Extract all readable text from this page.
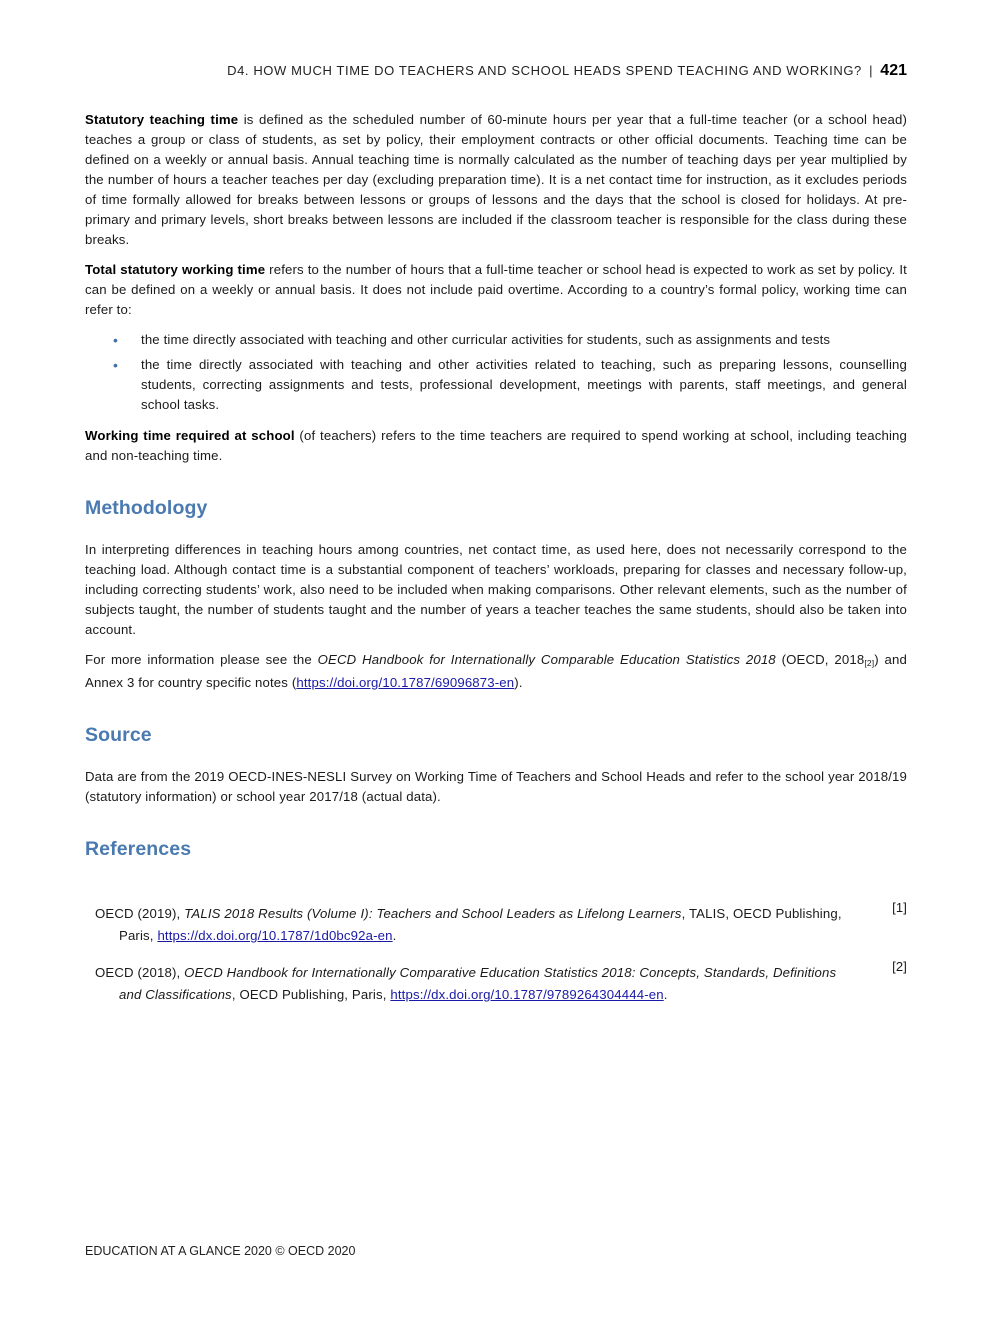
D4. HOW MUCH TIME DO TEACHERS AND SCHOOL HEADS SPEND TEACHING AND WORKING? | 421

Statutory teaching time is defined as the scheduled number of 60-minute hours per year that a full-time teacher (or a school head) teaches a group or class of students, as set by policy, their employment contracts or other official documents. Teaching time can be defined on a weekly or annual basis. Annual teaching time is normally calculated as the number of teaching days per year multiplied by the number of hours a teacher teaches per day (excluding preparation time). It is a net contact time for instruction, as it excludes periods of time formally allowed for breaks between lessons or groups of lessons and the days that the school is closed for holidays. At pre-primary and primary levels, short breaks between lessons are included if the classroom teacher is responsible for the class during these breaks.

Total statutory working time refers to the number of hours that a full-time teacher or school head is expected to work as set by policy. It can be defined on a weekly or annual basis. It does not include paid overtime. According to a country’s formal policy, working time can refer to:

• the time directly associated with teaching and other curricular activities for students, such as assignments and tests
• the time directly associated with teaching and other activities related to teaching, such as preparing lessons, counselling students, correcting assignments and tests, professional development, meetings with parents, staff meetings, and general school tasks.

Working time required at school (of teachers) refers to the time teachers are required to spend working at school, including teaching and non-teaching time.

Methodology

In interpreting differences in teaching hours among countries, net contact time, as used here, does not necessarily correspond to the teaching load. Although contact time is a substantial component of teachers’ workloads, preparing for classes and necessary follow-up, including correcting students’ work, also need to be included when making comparisons. Other relevant elements, such as the number of subjects taught, the number of students taught and the number of years a teacher teaches the same students, should also be taken into account.

For more information please see the OECD Handbook for Internationally Comparable Education Statistics 2018 (OECD, $2018_{[2]}$) and Annex 3 for country specific notes (https://doi.org/10.1787/69096873-en).

Source

Data are from the 2019 OECD-INES-NESLI Survey on Working Time of Teachers and School Heads and refer to the school year 2018/19 (statutory information) or school year 2017/18 (actual data).

References
OECD (2019), TALIS 2018 Results (Volume I): Teachers and School Leaders as Lifelong Learners, TALIS, OECD Publishing, Paris, https://dx.doi.org/10.1787/1d0bc92a-en.
[1]
OECD (2018), OECD Handbook for Internationally Comparative Education Statistics 2018: Concepts, Standards, Definitions and Classifications, OECD Publishing, Paris, https://dx.doi.org/10.1787/9789264304444-en.
[2]
EDUCATION AT A GLANCE 2020 © OECD 2020
